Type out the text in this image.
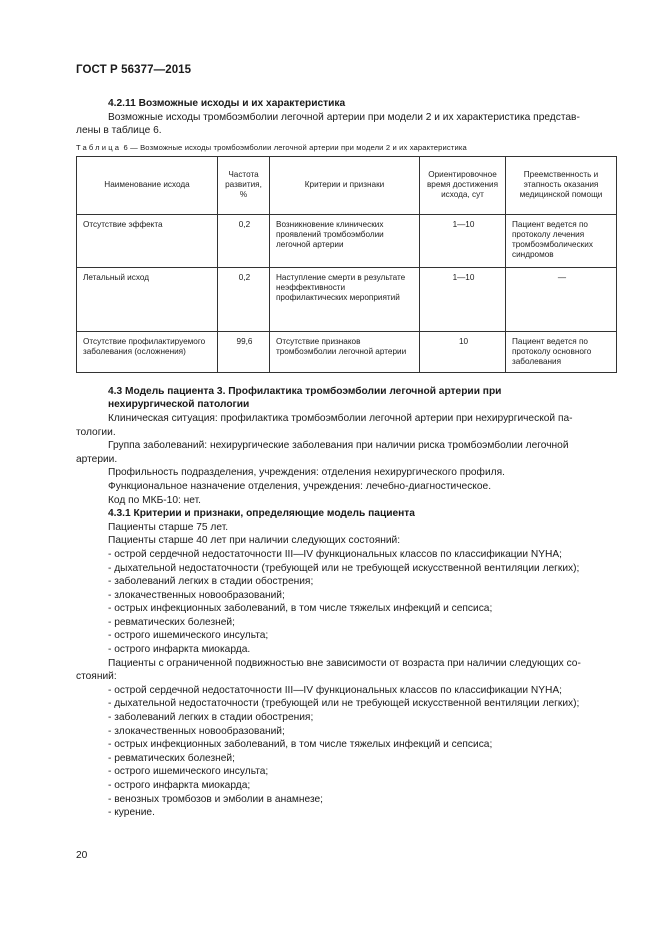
ГОСТ Р 56377—2015
4.2.11 Возможные исходы и их характеристика
Возможные исходы тромбоэмболии легочной артерии при модели 2 и их характеристика представ-
лены в таблице 6.
Таблица 6 — Возможные исходы тромбоэмболии легочной артерии при модели 2 и их характеристика
Наименование исхода	Частота развития, %	Критерии и признаки	Ориентировочное время достижения исхода, сут	Преемственность и этапность оказания медицинской помощи
Отсутствие эффекта	0,2	Возникновение клинических проявлений тромбоэмболии легочной артерии	1—10	Пациент ведется по протоколу лечения тромбоэмболических синдромов
Летальный исход	0,2	Наступление смерти в результате неэффективности профилактических мероприятий	1—10	—
Отсутствие профилактируемого заболевания (осложнения)	99,6	Отсутствие признаков тромбоэмболии легочной артерии	10	Пациент ведется по протоколу основного заболевания
4.3 Модель пациента 3. Профилактика тромбоэмболии легочной артерии при
нехирургической патологии
Клиническая ситуация: профилактика тромбоэмболии легочной артерии при нехирургической па-
тологии.
Группа заболеваний: нехирургические заболевания при наличии риска тромбоэмболии легочной
артерии.
Профильность подразделения, учреждения: отделения нехирургического профиля.
Функциональное назначение отделения, учреждения: лечебно-диагностическое.
Код по МКБ-10: нет.
4.3.1 Критерии и признаки, определяющие модель пациента
Пациенты старше 75 лет.
Пациенты старше 40 лет при наличии следующих состояний:
- острой сердечной недостаточности III—IV функциональных классов по классификации NYHA;
- дыхательной недостаточности (требующей или не требующей искусственной вентиляции легких);
- заболеваний легких в стадии обострения;
- злокачественных новообразований;
- острых инфекционных заболеваний, в том числе тяжелых инфекций и сепсиса;
- ревматических болезней;
- острого ишемического инсульта;
- острого инфаркта миокарда.
Пациенты с ограниченной подвижностью вне зависимости от возраста при наличии следующих со-
стояний:
- острой сердечной недостаточности III—IV функциональных классов по классификации NYHA;
- дыхательной недостаточности (требующей или не требующей искусственной вентиляции легких);
- заболеваний легких в стадии обострения;
- злокачественных новообразований;
- острых инфекционных заболеваний, в том числе тяжелых инфекций и сепсиса;
- ревматических болезней;
- острого ишемического инсульта;
- острого инфаркта миокарда;
- венозных тромбозов и эмболии в анамнезе;
- курение.
20
